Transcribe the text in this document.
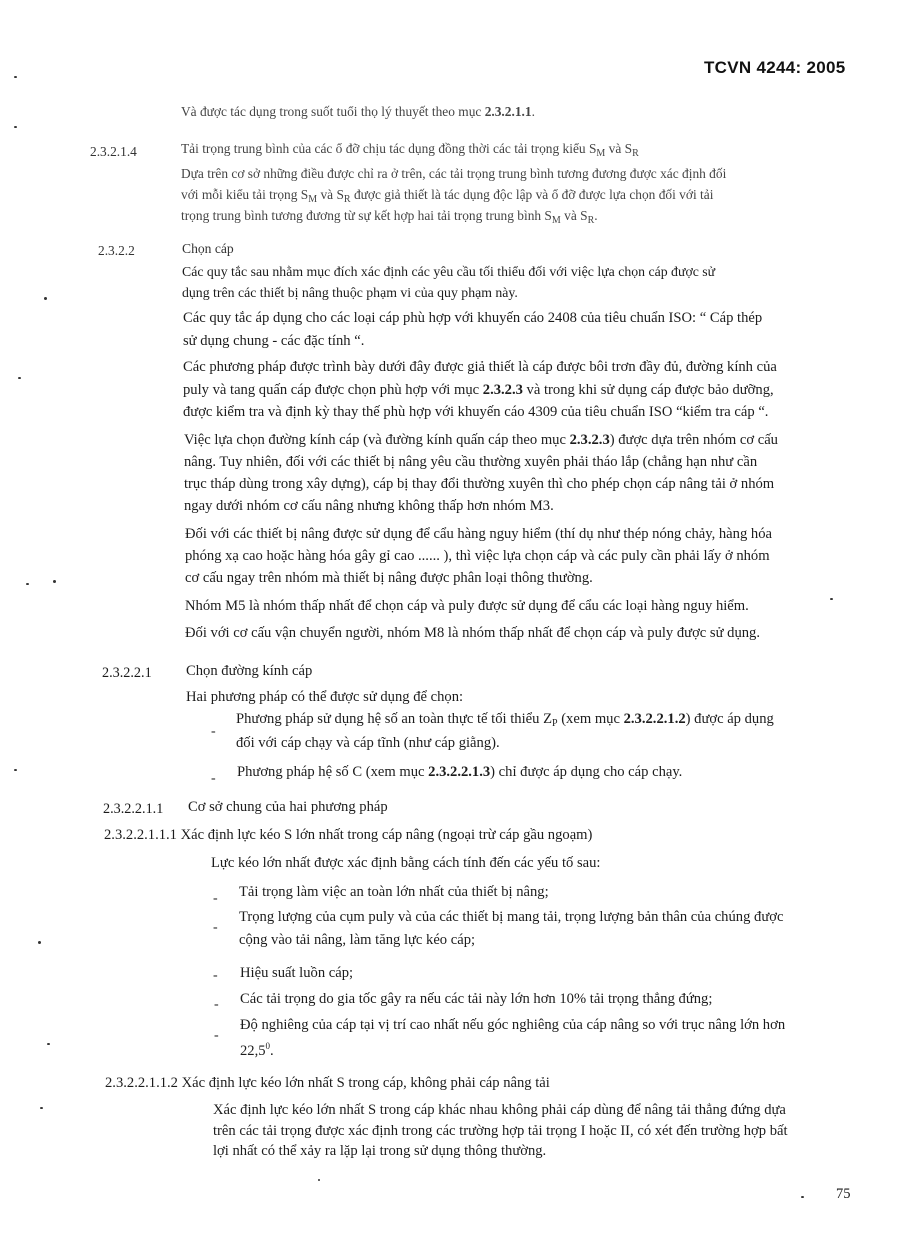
TCVN 4244: 2005

Và được tác dụng trong suốt tuổi thọ lý thuyết theo mục 2.3.2.1.1.

2.3.2.1.4	Tải trọng trung bình của các ổ đỡ chịu tác dụng đồng thời các tải trọng kiểu $S_M$ và $S_R$

Dựa trên cơ sở những điều được chỉ ra ở trên, các tải trọng trung bình tương đương được xác định đối

với mỗi kiểu tải trọng $S_M$ và $S_R$ được giả thiết là tác dụng độc lập và ổ đỡ được lựa chọn đối với tải

trọng trung bình tương đương từ sự kết hợp hai tải trọng trung bình $S_M$ và $S_R$.

2.3.2.2	Chọn cáp

Các quy tắc sau nhằm mục đích xác định các yêu cầu tối thiểu đối với việc lựa chọn cáp được sử

dụng trên các thiết bị nâng thuộc phạm vi của quy phạm này.

Các quy tắc áp dụng cho các loại cáp phù hợp với khuyến cáo 2408 của tiêu chuẩn ISO: “ Cáp thép

sử dụng chung - các đặc tính “.

Các phương pháp được trình bày dưới đây được giả thiết là cáp được bôi trơn đầy đủ, đường kính của

puly và tang quấn cáp được chọn phù hợp với mục 2.3.2.3 và trong khi sử dụng cáp được bảo dưỡng,

được kiểm tra và định kỳ thay thế phù hợp với khuyến cáo 4309 của tiêu chuẩn ISO “kiểm tra cáp “.

Việc lựa chọn đường kính cáp (và đường kính quấn cáp theo mục 2.3.2.3) được dựa trên nhóm cơ cấu

nâng. Tuy nhiên, đối với các thiết bị nâng yêu cầu thường xuyên phải tháo lắp (chẳng hạn như cần

trục tháp dùng trong xây dựng), cáp bị thay đổi thường xuyên thì cho phép chọn cáp nâng tải ở nhóm

ngay dưới nhóm cơ cấu nâng nhưng không thấp hơn nhóm M3.

Đối với các thiết bị nâng được sử dụng để cẩu hàng nguy hiểm (thí dụ như thép nóng chảy, hàng hóa

phóng xạ cao hoặc hàng hóa gây gỉ cao ...... ), thì việc lựa chọn cáp và các puly cần phải lấy ở nhóm

cơ cấu ngay trên nhóm mà thiết bị nâng được phân loại thông thường.

Nhóm M5 là nhóm thấp nhất để chọn cáp và puly được sử dụng để cẩu các loại hàng nguy hiểm.

Đối với cơ cấu vận chuyển người, nhóm M8 là nhóm thấp nhất để chọn cáp và puly được sử dụng.

2.3.2.2.1 Chọn đường kính cáp

Hai phương pháp có thể được sử dụng để chọn:

-

Phương pháp sử dụng hệ số an toàn thực tế tối thiểu $Z_P$ (xem mục 2.3.2.2.1.2) được áp dụng

đối với cáp chạy và cáp tĩnh (như cáp giằng).

- Phương pháp hệ số C (xem mục 2.3.2.2.1.3) chỉ được áp dụng cho cáp chạy.

2.3.2.2.1.1 Cơ sở chung của hai phương pháp

2.3.2.2.1.1.1 Xác định lực kéo S lớn nhất trong cáp nâng (ngoại trừ cáp gầu ngoạm)

Lực kéo lớn nhất được xác định bằng cách tính đến các yếu tố sau:

- Tải trọng làm việc an toàn lớn nhất của thiết bị nâng;

-

Trọng lượng của cụm puly và của các thiết bị mang tải, trọng lượng bản thân của chúng được

cộng vào tải nâng, làm tăng lực kéo cáp;

- Hiệu suất luồn cáp;

- Các tải trọng do gia tốc gây ra nếu các tải này lớn hơn 10% tải trọng thẳng đứng;

-

Độ nghiêng của cáp tại vị trí cao nhất nếu góc nghiêng của cáp nâng so với trục nâng lớn hơn

22,5$^0$.

2.3.2.2.1.1.2 Xác định lực kéo lớn nhất S trong cáp, không phải cáp nâng tải

Xác định lực kéo lớn nhất S trong cáp khác nhau không phải cáp dùng để nâng tải thẳng đứng dựa

trên các tải trọng được xác định trong các trường hợp tải trọng I hoặc II, có xét đến trường hợp bất

lợi nhất có thể xảy ra lặp lại trong sử dụng thông thường.

75
